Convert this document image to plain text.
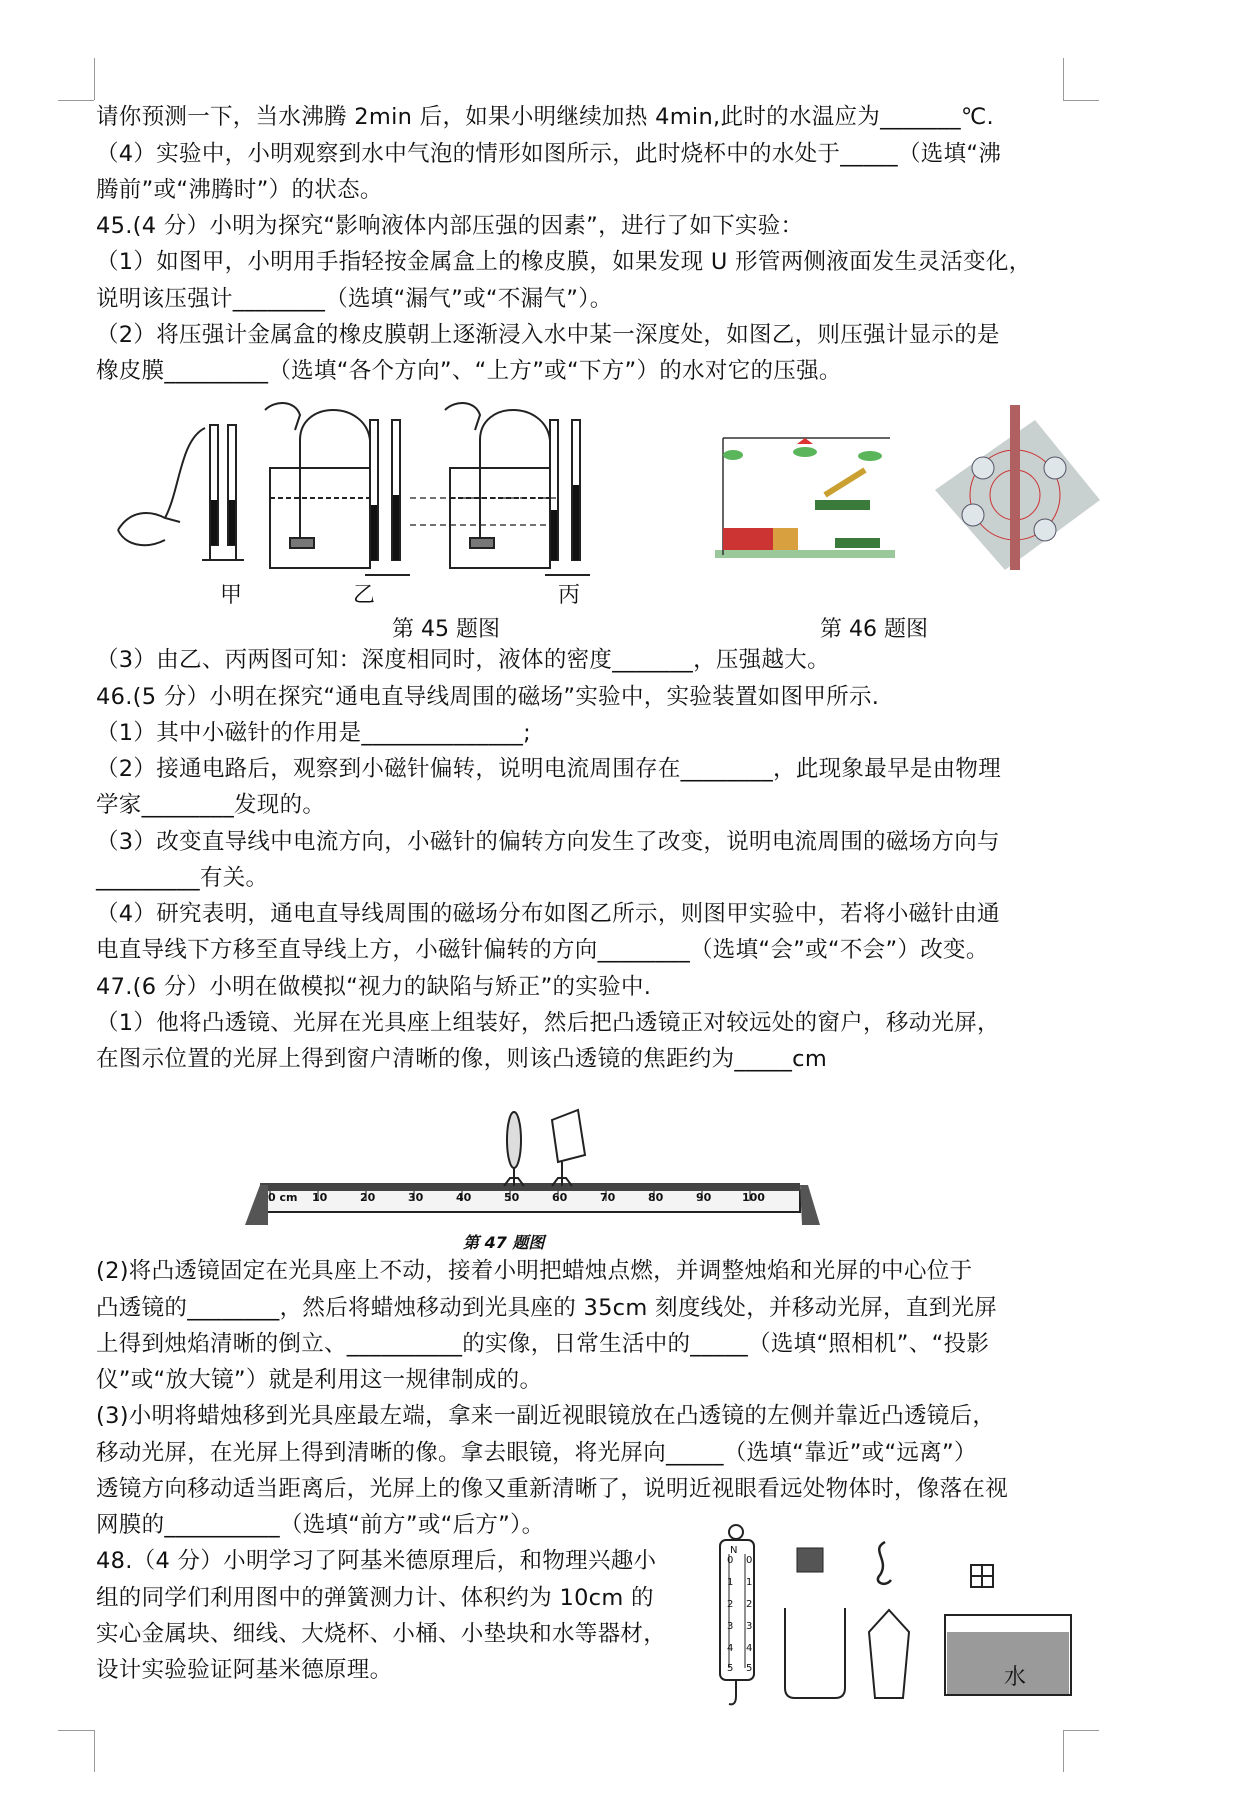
请你预测一下，当水沸腾 2min 后，如果小明继续加热 4min,此时的水温应为_______℃.
（4）实验中，小明观察到水中气泡的情形如图所示，此时烧杯中的水处于_____（选填“沸
腾前”或“沸腾时”）的状态。
45.(4 分）小明为探究“影响液体内部压强的因素”，进行了如下实验：
（1）如图甲，小明用手指轻按金属盒上的橡皮膜，如果发现 U 形管两侧液面发生灵活变化，
说明该压强计________（选填“漏气”或“不漏气”）。
（2）将压强计金属盒的橡皮膜朝上逐渐浸入水中某一深度处，如图乙，则压强计显示的是
橡皮膜_________（选填“各个方向”、“上方”或“下方”）的水对它的压强。
甲	乙	丙
第 45 题图	第 46 题图
（3）由乙、丙两图可知：深度相同时，液体的密度_______，压强越大。
46.(5 分）小明在探究“通电直导线周围的磁场”实验中，实验装置如图甲所示.
（1）其中小磁针的作用是______________;
（2）接通电路后，观察到小磁针偏转，说明电流周围存在________，此现象最早是由物理
学家________发现的。
（3）改变直导线中电流方向，小磁针的偏转方向发生了改变，说明电流周围的磁场方向与
_________有关。
（4）研究表明，通电直导线周围的磁场分布如图乙所示，则图甲实验中，若将小磁针由通
电直导线下方移至直导线上方，小磁针偏转的方向________（选填“会”或“不会”）改变。
47.(6 分）小明在做模拟“视力的缺陷与矫正”的实验中.
（1）他将凸透镜、光屏在光具座上组装好，然后把凸透镜正对较远处的窗户，移动光屏，
在图示位置的光屏上得到窗户清晰的像，则该凸透镜的焦距约为_____cm
0 cm 10	20	30	40	50	60	70	80	90	100
第 47 题图
(2)将凸透镜固定在光具座上不动，接着小明把蜡烛点燃，并调整烛焰和光屏的中心位于
凸透镜的________，然后将蜡烛移动到光具座的 35cm 刻度线处，并移动光屏，直到光屏
上得到烛焰清晰的倒立、__________的实像，日常生活中的_____（选填“照相机”、“投影
仪”或“放大镜”）就是利用这一规律制成的。
(3)小明将蜡烛移到光具座最左端，拿来一副近视眼镜放在凸透镜的左侧并靠近凸透镜后，
移动光屏，在光屏上得到清晰的像。拿去眼镜，将光屏向_____（选填“靠近”或“远离”）
透镜方向移动适当距离后，光屏上的像又重新清晰了，说明近视眼看远处物体时，像落在视
网膜的__________（选填“前方”或“后方”）。
48.（4 分）小明学习了阿基米德原理后，和物理兴趣小
组的同学们利用图中的弹簧测力计、体积约为 10cm 的
实心金属块、细线、大烧杯、小桶、小垫块和水等器材，
设计实验验证阿基米德原理。
N
水
0
1
2
3
4
5
0
1
2
3
4
5
